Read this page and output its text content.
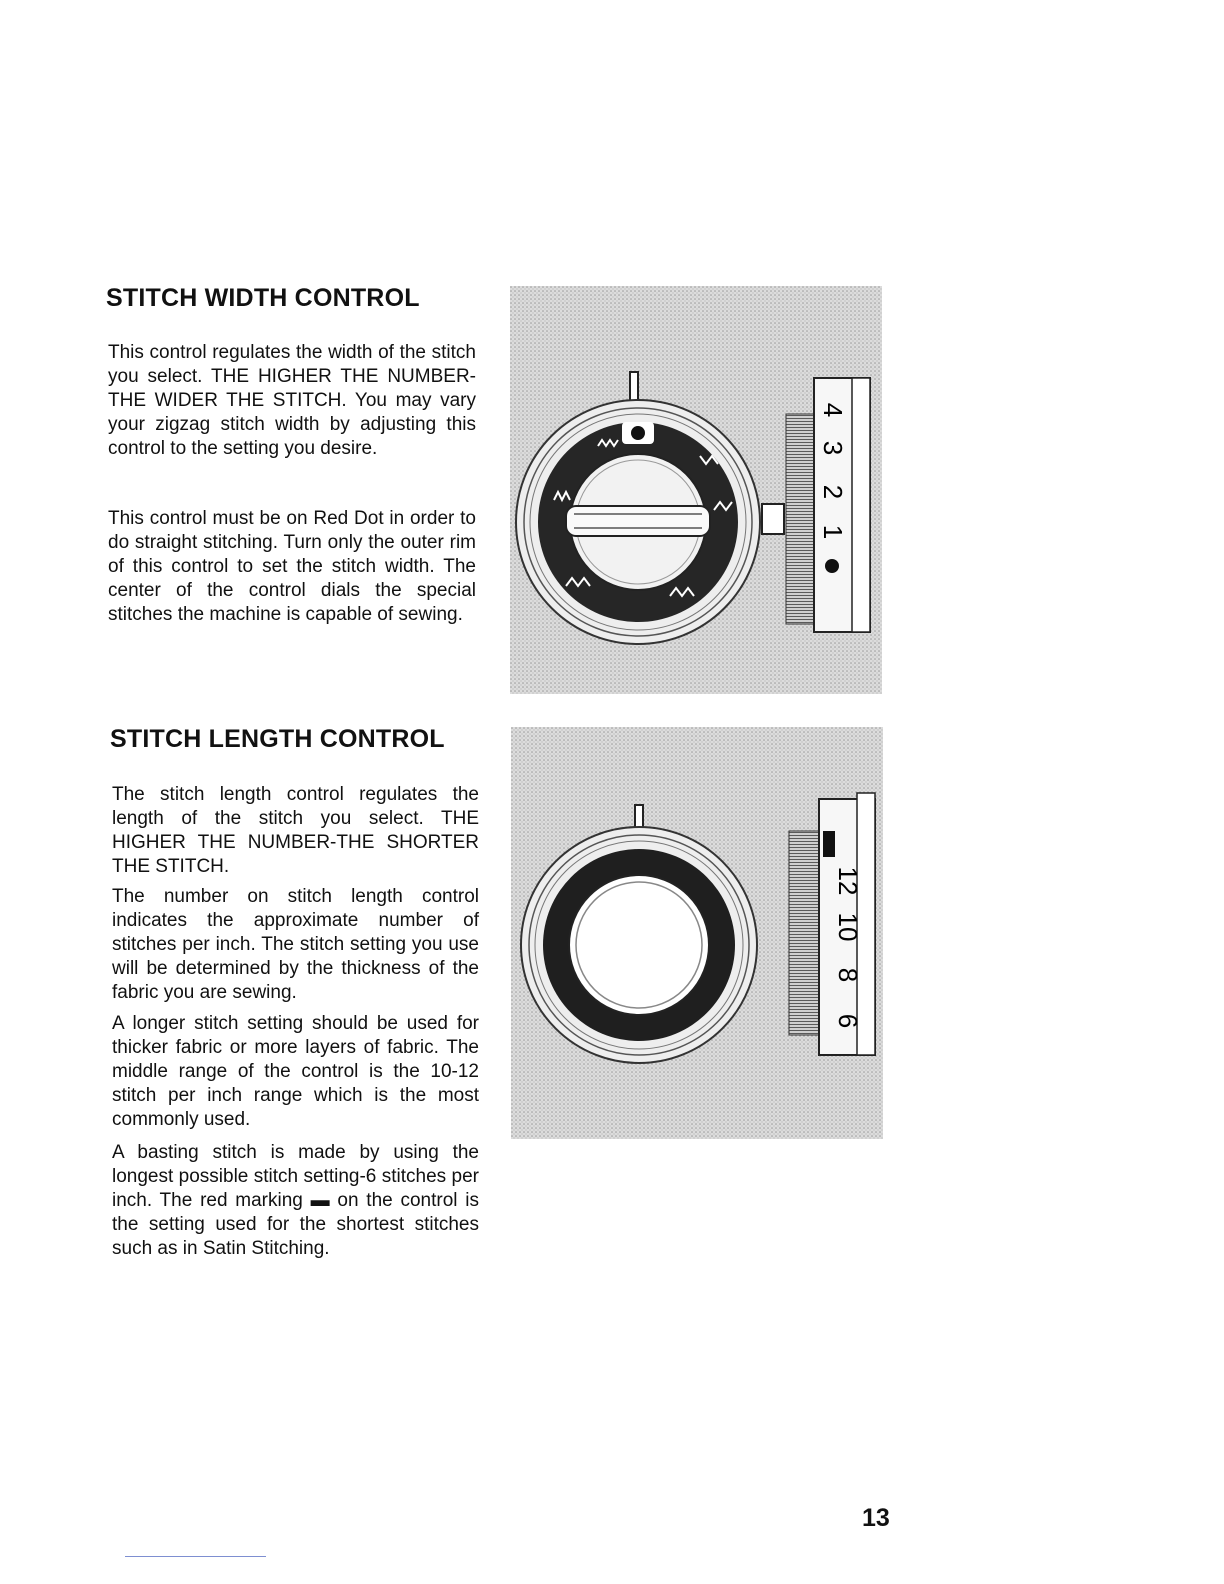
STITCH WIDTH CONTROL

This control regulates the width of the stitch you select. THE HIGHER THE NUMBER-THE WIDER THE STITCH. You may vary your zigzag stitch width by adjusting this control to the setting you desire.

This control must be on Red Dot in order to do straight stitching. Turn only the outer rim of this control to set the stitch width. The center of the control dials the special stitches the machine is capable of sewing.

4
3
2
1
STITCH LENGTH CONTROL

The stitch length control regulates the length of the stitch you select. THE HIGHER THE NUMBER-THE SHORTER THE STITCH.

The number on stitch length control indicates the approximate number of stitches per inch. The stitch setting you use will be determined by the thickness of the fabric you are sewing.

A longer stitch setting should be used for thicker fabric or more layers of fabric. The middle range of the control is the 10-12 stitch per inch range which is the most commonly used.

A basting stitch is made by using the longest possible stitch setting-6 stitches per inch. The red marking ▬ on the control is the setting used for the shortest stitches such as in Satin Stitching.

12
10
8
6

13
